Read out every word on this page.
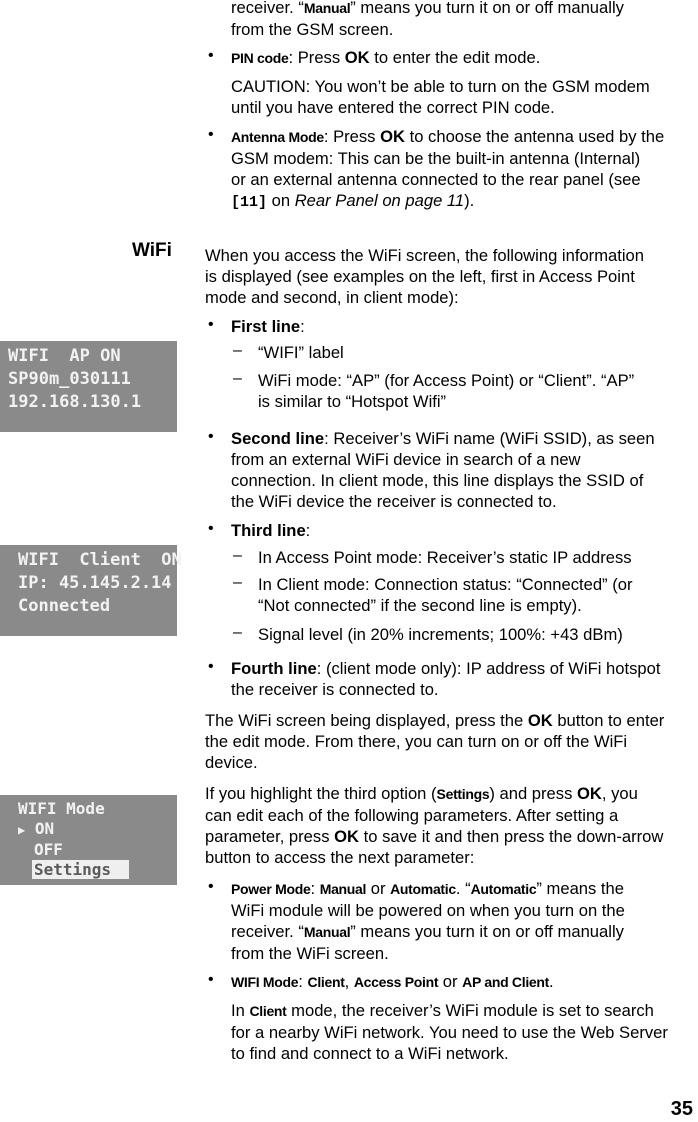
receiver. “Manual” means you turn it on or off manually
from the GSM screen.
• PIN code: Press OK to enter the edit mode.
CAUTION: You won’t be able to turn on the GSM modem
until you have entered the correct PIN code.
• Antenna Mode: Press OK to choose the antenna used by the
GSM modem: This can be the built-in antenna (Internal)
or an external antenna connected to the rear panel (see
[11] on Rear Panel on page 11).
WiFi When you access the WiFi screen, the following information
is displayed (see examples on the left, first in Access Point
mode and second, in client mode):
• First line:
– “WIFI” label
– WiFi mode: “AP” (for Access Point) or “Client”. “AP”
is similar to “Hotspot Wifi”
• Second line: Receiver’s WiFi name (WiFi SSID), as seen
from an external WiFi device in search of a new
connection. In client mode, this line displays the SSID of
the WiFi device the receiver is connected to.
• Third line:
– In Access Point mode: Receiver’s static IP address
– In Client mode: Connection status: “Connected” (or
“Not connected” if the second line is empty).
– Signal level (in 20% increments; 100%: +43 dBm)
• Fourth line: (client mode only): IP address of WiFi hotspot
the receiver is connected to.
The WiFi screen being displayed, press the OK button to enter
the edit mode. From there, you can turn on or off the WiFi
device.
If you highlight the third option (Settings) and press OK, you
can edit each of the following parameters. After setting a
parameter, press OK to save it and then press the down-arrow
button to access the next parameter:
• Power Mode: Manual or Automatic. “Automatic” means the
WiFi module will be powered on when you turn on the
receiver. “Manual” means you turn it on or off manually
from the WiFi screen.
• WIFI Mode: Client, Access Point or AP and Client.
In Client mode, the receiver’s WiFi module is set to search
for a nearby WiFi network. You need to use the Web Server
to find and connect to a WiFi network.
WIFI  AP ON
SP90m_030111
192.168.130.1
WIFI  Client  ON
IP: 45.145.2.14
Connected
WIFI Mode
▶ ON
OFF
Settings
35
